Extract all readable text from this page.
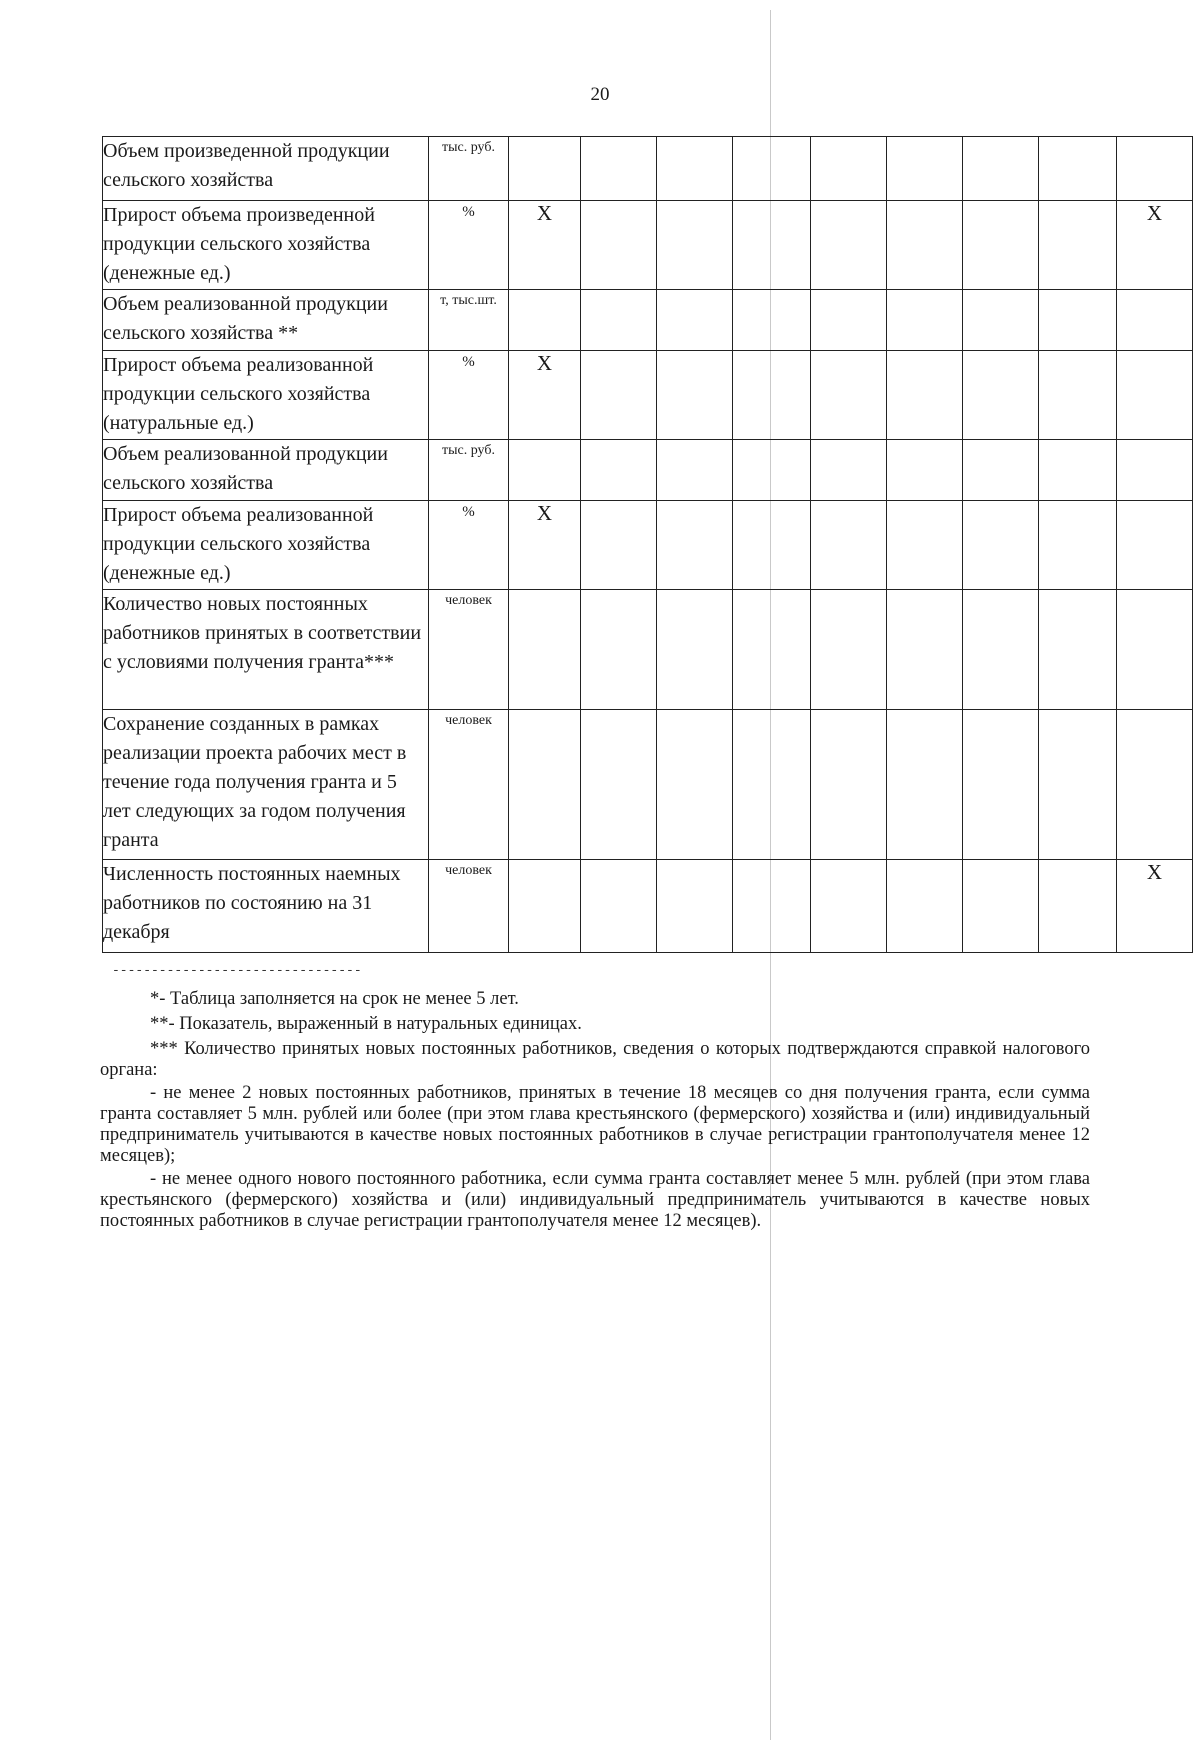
20
Объем произведенной продукции сельского хозяйства	тыс. руб.									
Прирост объема произведенной продукции сельского хозяйства (денежные ед.)	%	X								X
Объем реализованной продукции сельского хозяйства **	т, тыс.шт.									
Прирост объема реализованной продукции сельского хозяйства (натуральные ед.)	%	X								
Объем реализованной продукции сельского хозяйства	тыс. руб.									
Прирост объема реализованной продукции сельского хозяйства (денежные ед.)	%	X								
Количество новых постоянных работников принятых в соответствии с условиями получения гранта***	человек									
Сохранение созданных в рамках реализации проекта рабочих мест в течение года получения гранта и 5 лет следующих за годом получения гранта	человек									
Численность постоянных наемных работников по состоянию на 31 декабря	человек									X
--------------------------------
*- Таблица заполняется на срок не менее 5 лет.
**- Показатель, выраженный в натуральных единицах.
*** Количество принятых новых постоянных работников, сведения о которых подтверждаются справкой налогового органа:
- не менее 2 новых постоянных работников, принятых в течение 18 месяцев со дня получения гранта, если сумма гранта составляет 5 млн. рублей или более (при этом глава крестьянского (фермерского) хозяйства и (или) индивидуальный предприниматель учитываются в качестве новых постоянных работников в случае регистрации грантополучателя менее 12 месяцев);
- не менее одного нового постоянного работника, если сумма гранта составляет менее 5 млн. рублей (при этом глава крестьянского (фермерского) хозяйства и (или) индивидуальный предприниматель учитываются в качестве новых постоянных работников в случае регистрации грантополучателя менее 12 месяцев).
